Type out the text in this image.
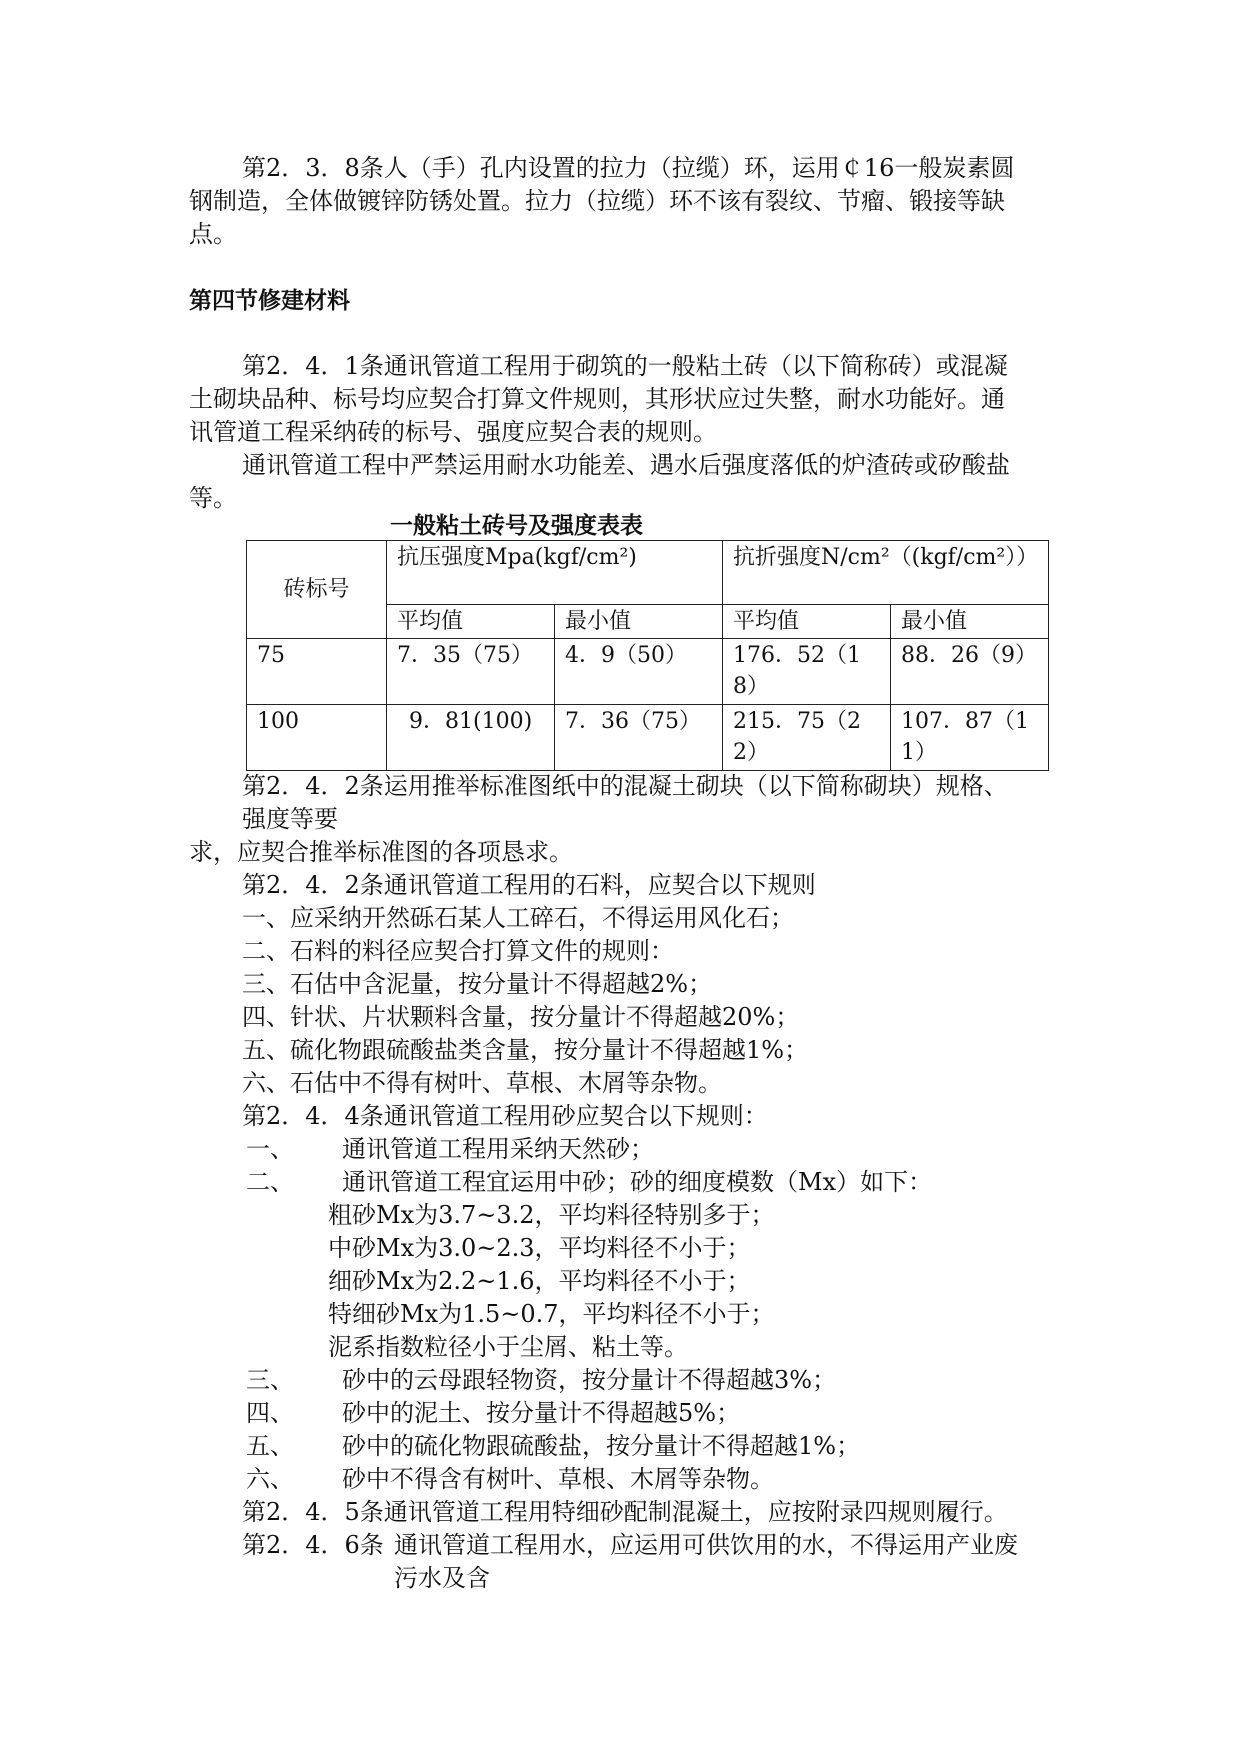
第2．3．8条人（手）孔内设置的拉力（拉缆）环，运用￠16一般炭素圆
钢制造，全体做镀锌防锈处置。拉力（拉缆）环不该有裂纹、节瘤、锻接等缺
点。
第四节修建材料
第2．4．1条通讯管道工程用于砌筑的一般粘土砖（以下简称砖）或混凝
土砌块品种、标号均应契合打算文件规则，其形状应过失整，耐水功能好。通
讯管道工程采纳砖的标号、强度应契合表的规则。
通讯管道工程中严禁运用耐水功能差、遇水后强度落低的炉渣砖或矽酸盐
等。
一般粘土砖号及强度表表
砖标号	抗压强度Mpa(kgf/cm²)		抗折强度N/cm²（(kgf/cm²））	
	平均值	最小值	平均值	最小值
75	7．35（75）	4．9（50）	176．52（18）	88．26（9）
100	9．81(100)	7．36（75）	215．75（22）	107．87（11）
第2．4．2条运用推举标准图纸中的混凝土砌块（以下简称砌块）规格、
强度等要
求，应契合推举标准图的各项恳求。
第2．4．2条通讯管道工程用的石料，应契合以下规则
一、应采纳开然砾石某人工碎石，不得运用风化石；
二、石料的料径应契合打算文件的规则：
三、石估中含泥量，按分量计不得超越2%；
四、针状、片状颗料含量，按分量计不得超越20%；
五、硫化物跟硫酸盐类含量，按分量计不得超越1%；
六、石估中不得有树叶、草根、木屑等杂物。
第2．4．4条通讯管道工程用砂应契合以下规则：
一、 通讯管道工程用采纳天然砂；
二、 通讯管道工程宜运用中砂；砂的细度模数（Mx）如下：
粗砂Mx为3.7~3.2，平均料径特别多于；
中砂Mx为3.0~2.3，平均料径不小于；
细砂Mx为2.2~1.6，平均料径不小于；
特细砂Mx为1.5~0.7，平均料径不小于；
泥系指数粒径小于尘屑、粘土等。
三、 砂中的云母跟轻物资，按分量计不得超越3%；
四、 砂中的泥土、按分量计不得超越5%；
五、 砂中的硫化物跟硫酸盐，按分量计不得超越1%；
六、 砂中不得含有树叶、草根、木屑等杂物。
第2．4．5条通讯管道工程用特细砂配制混凝土，应按附录四规则履行。
第2．4．6条 通讯管道工程用水，应运用可供饮用的水，不得运用产业废
污水及含
